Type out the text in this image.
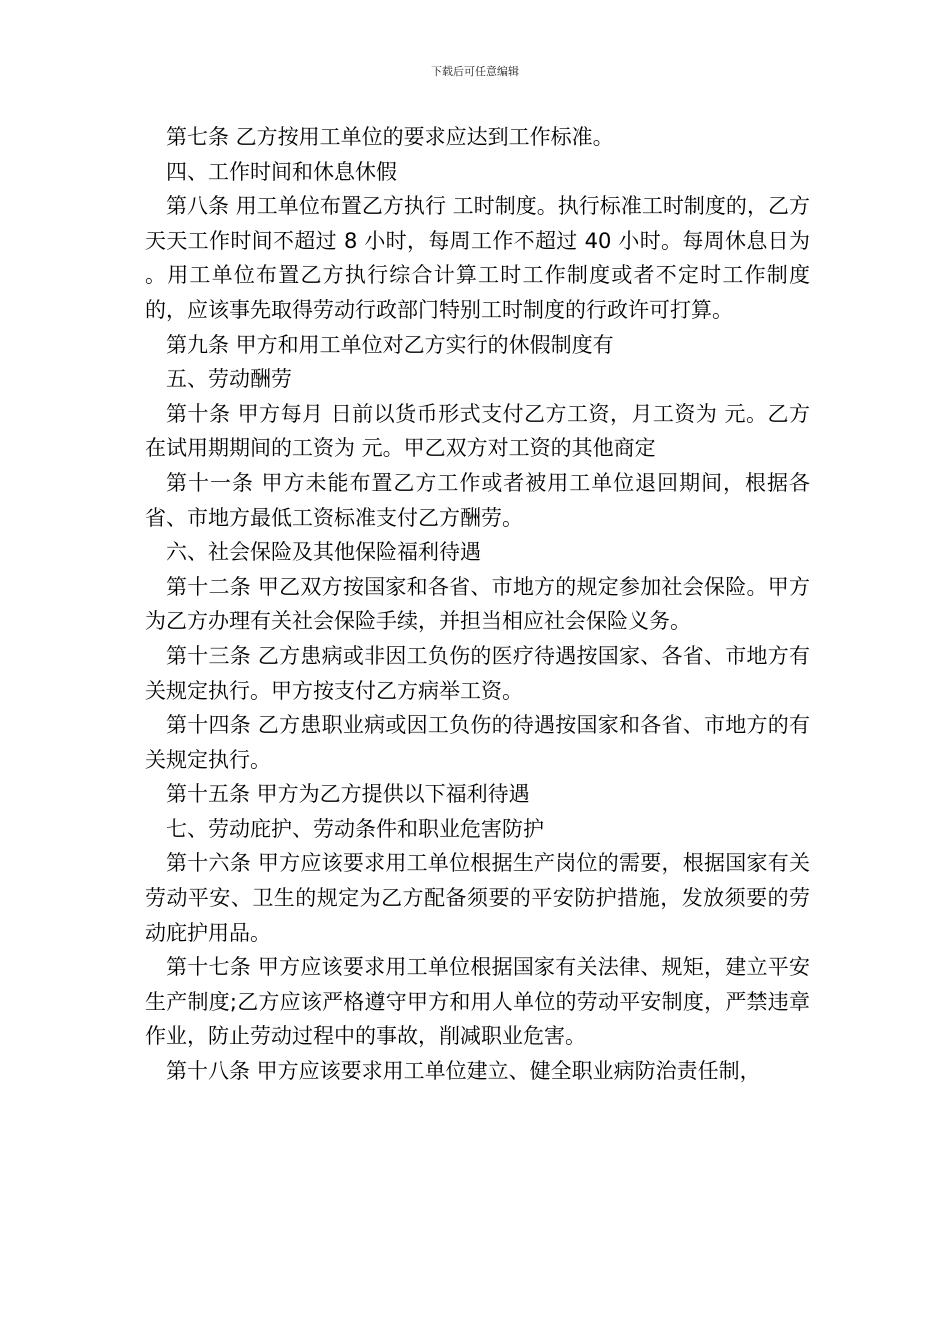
下载后可任意编辑

第七条 乙方按用工单位的要求应达到工作标准。

四、工作时间和休息休假

第八条 用工单位布置乙方执行 工时制度。执行标准工时制度的，乙方天天工作时间不超过 8 小时，每周工作不超过 40 小时。每周休息日为 。用工单位布置乙方执行综合计算工时工作制度或者不定时工作制度的，应该事先取得劳动行政部门特别工时制度的行政许可打算。

第九条 甲方和用工单位对乙方实行的休假制度有

五、劳动酬劳

第十条 甲方每月 日前以货币形式支付乙方工资，月工资为 元。乙方在试用期期间的工资为 元。甲乙双方对工资的其他商定

第十一条 甲方未能布置乙方工作或者被用工单位退回期间，根据各省、市地方最低工资标准支付乙方酬劳。

六、社会保险及其他保险福利待遇

第十二条 甲乙双方按国家和各省、市地方的规定参加社会保险。甲方为乙方办理有关社会保险手续，并担当相应社会保险义务。

第十三条 乙方患病或非因工负伤的医疗待遇按国家、各省、市地方有关规定执行。甲方按支付乙方病举工资。

第十四条 乙方患职业病或因工负伤的待遇按国家和各省、市地方的有关规定执行。

第十五条 甲方为乙方提供以下福利待遇

七、劳动庇护、劳动条件和职业危害防护

第十六条 甲方应该要求用工单位根据生产岗位的需要，根据国家有关劳动平安、卫生的规定为乙方配备须要的平安防护措施，发放须要的劳动庇护用品。

第十七条 甲方应该要求用工单位根据国家有关法律、规矩，建立平安生产制度;乙方应该严格遵守甲方和用人单位的劳动平安制度，严禁违章作业，防止劳动过程中的事故，削减职业危害。

第十八条 甲方应该要求用工单位建立、健全职业病防治责任制，
